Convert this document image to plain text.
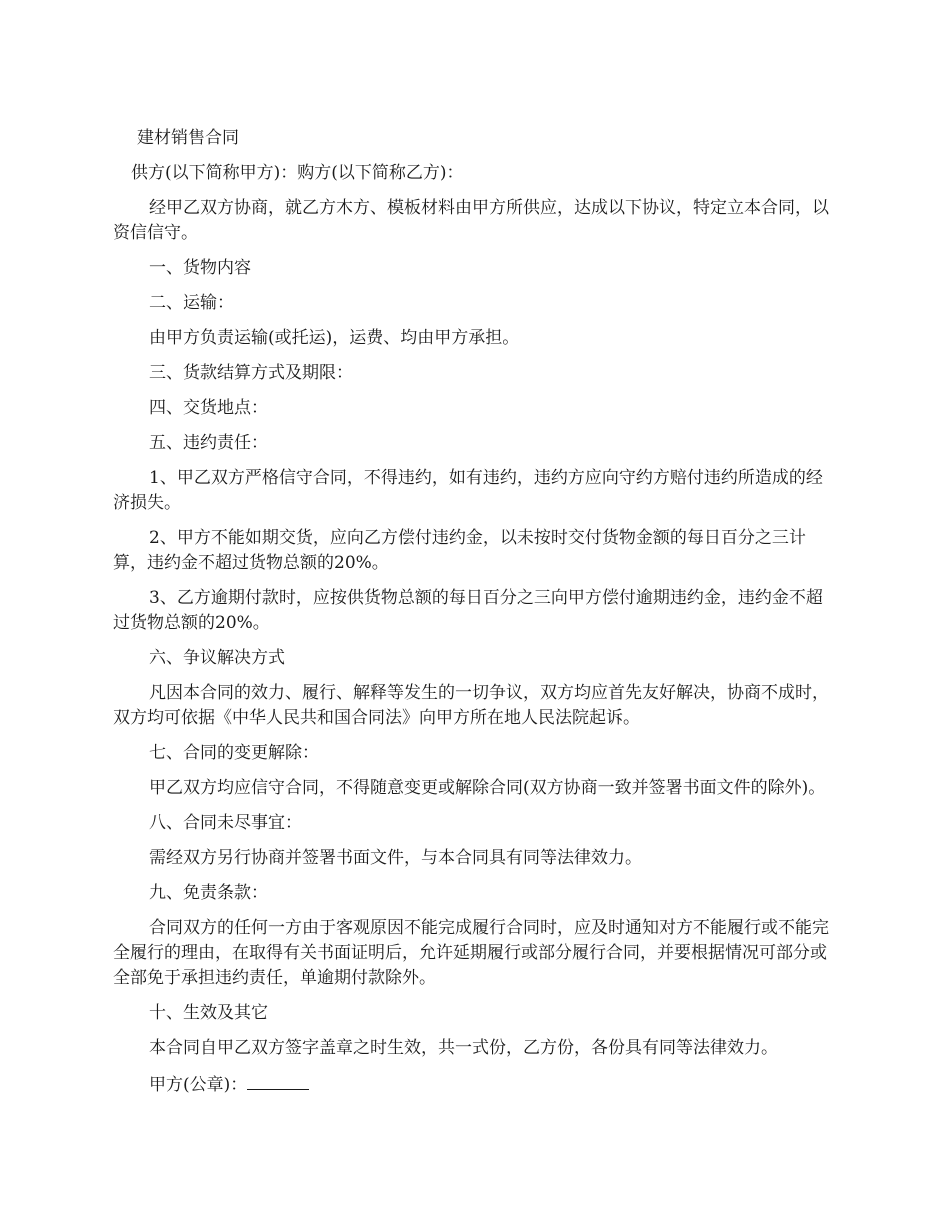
建材销售合同

供方(以下简称甲方)：购方(以下简称乙方)：

经甲乙双方协商，就乙方木方、模板材料由甲方所供应，达成以下协议，特定立本合同，以资信信守。

一、货物内容

二、运输：

由甲方负责运输(或托运)，运费、均由甲方承担。

三、货款结算方式及期限：

四、交货地点：

五、违约责任：

1、甲乙双方严格信守合同，不得违约，如有违约，违约方应向守约方赔付违约所造成的经济损失。

2、甲方不能如期交货，应向乙方偿付违约金，以未按时交付货物金额的每日百分之三计算，违约金不超过货物总额的20%。

3、乙方逾期付款时，应按供货物总额的每日百分之三向甲方偿付逾期违约金，违约金不超过货物总额的20%。

六、争议解决方式

凡因本合同的效力、履行、解释等发生的一切争议，双方均应首先友好解决，协商不成时，双方均可依据《中华人民共和国合同法》向甲方所在地人民法院起诉。

七、合同的变更解除：

甲乙双方均应信守合同，不得随意变更或解除合同(双方协商一致并签署书面文件的除外)。

八、合同未尽事宜：

需经双方另行协商并签署书面文件，与本合同具有同等法律效力。

九、免责条款：

合同双方的任何一方由于客观原因不能完成履行合同时，应及时通知对方不能履行或不能完全履行的理由，在取得有关书面证明后，允许延期履行或部分履行合同，并要根据情况可部分或全部免于承担违约责任，单逾期付款除外。

十、生效及其它

本合同自甲乙双方签字盖章之时生效，共一式份，乙方份，各份具有同等法律效力。

甲方(公章)：
